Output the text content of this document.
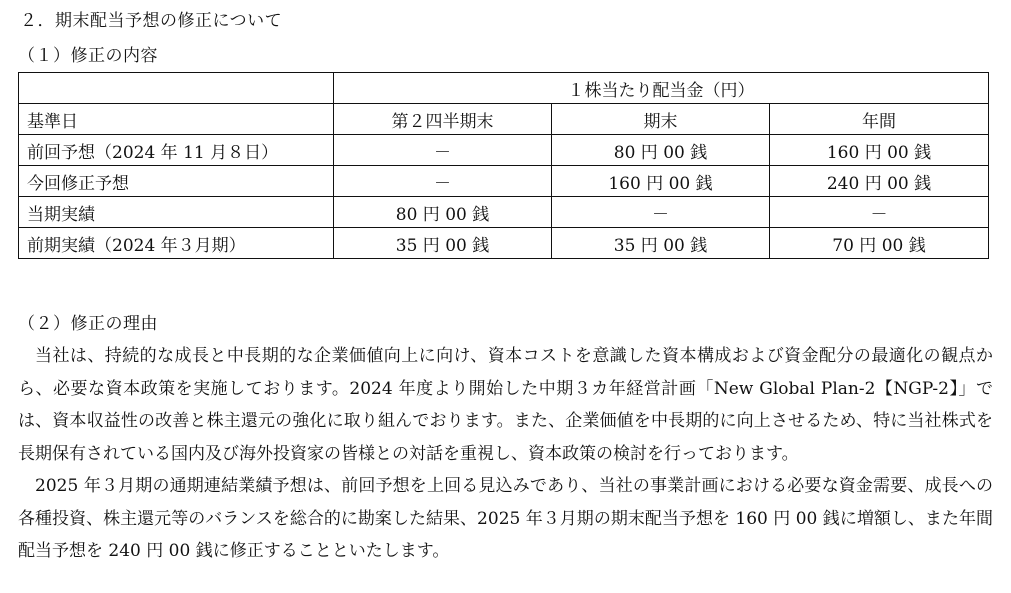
２．期末配当予想の修正について
（１）修正の内容
	１株当たり配当金（円）		
基準日	第２四半期末	期末	年間
前回予想（2024 年 11 月８日）	－	80 円 00 銭	160 円 00 銭
今回修正予想	－	160 円 00 銭	240 円 00 銭
当期実績	80 円 00 銭	－	－
前期実績（2024 年３月期）	35 円 00 銭	35 円 00 銭	70 円 00 銭
（２）修正の理由

当社は、持続的な成長と中長期的な企業価値向上に向け、資本コストを意識した資本構成および資金配分の最適化の観点から、必要な資本政策を実施しております。2024 年度より開始した中期３カ年経営計画「New Global Plan-2【NGP-2】」では、資本収益性の改善と株主還元の強化に取り組んでおります。また、企業価値を中長期的に向上させるため、特に当社株式を長期保有されている国内及び海外投資家の皆様との対話を重視し、資本政策の検討を行っております。

2025 年３月期の通期連結業績予想は、前回予想を上回る見込みであり、当社の事業計画における必要な資金需要、成長への各種投資、株主還元等のバランスを総合的に勘案した結果、2025 年３月期の期末配当予想を 160 円 00 銭に増額し、また年間配当予想を 240 円 00 銭に修正することといたします。
